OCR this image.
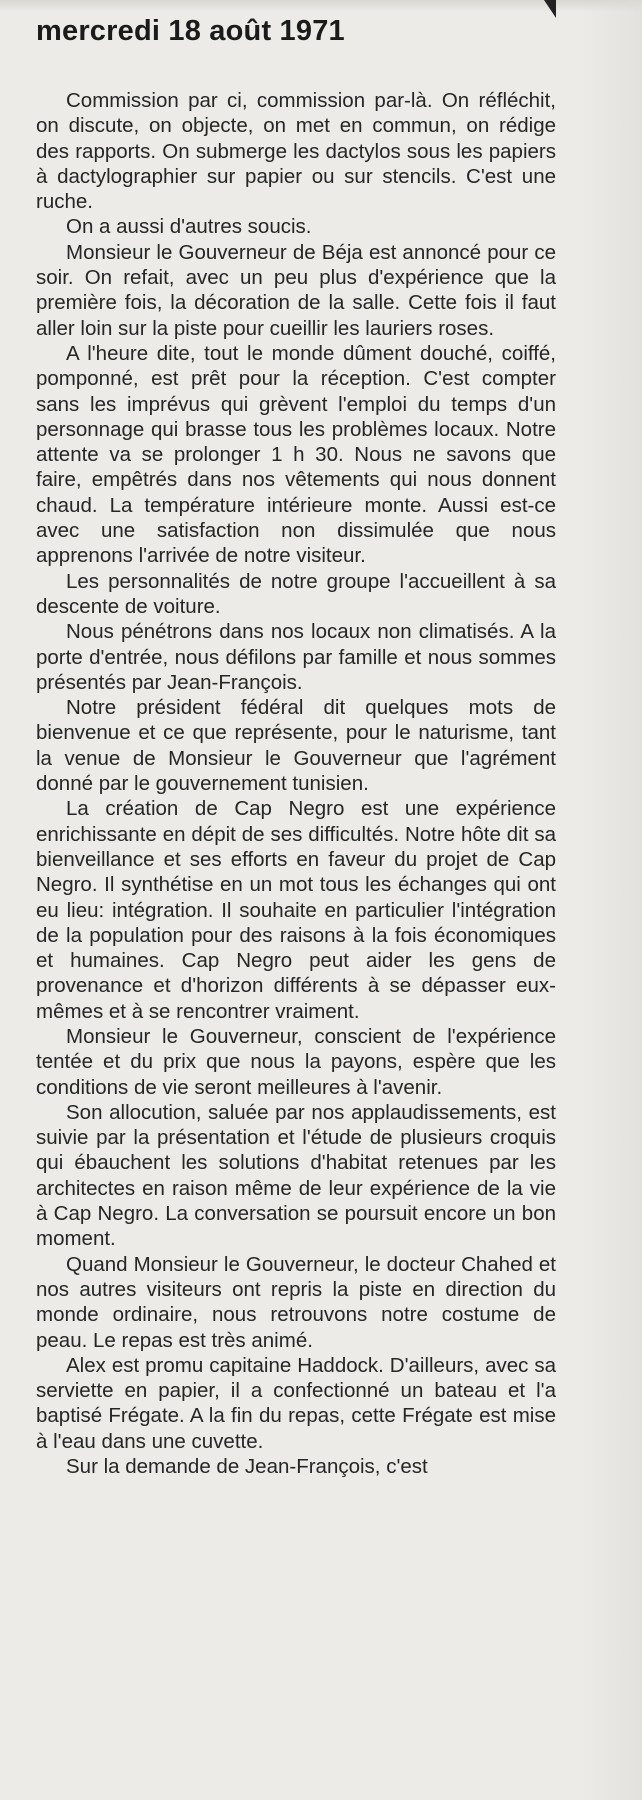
mercredi 18 août 1971

Commission par ci, commission par-là. On réfléchit, on discute, on objecte, on met en commun, on rédige des rapports. On submerge les dactylos sous les papiers à dactylographier sur papier ou sur stencils. C'est une ruche.

On a aussi d'autres soucis.

Monsieur le Gouverneur de Béja est annoncé pour ce soir. On refait, avec un peu plus d'expérience que la première fois, la décoration de la salle. Cette fois il faut aller loin sur la piste pour cueillir les lauriers roses.

A l'heure dite, tout le monde dûment douché, coiffé, pomponné, est prêt pour la réception. C'est compter sans les imprévus qui grèvent l'emploi du temps d'un personnage qui brasse tous les problèmes locaux. Notre attente va se prolonger 1 h 30. Nous ne savons que faire, empêtrés dans nos vêtements qui nous donnent chaud. La température intérieure monte. Aussi est-ce avec une satisfaction non dissimulée que nous apprenons l'arrivée de notre visiteur.

Les personnalités de notre groupe l'accueillent à sa descente de voiture.

Nous pénétrons dans nos locaux non climatisés. A la porte d'entrée, nous défilons par famille et nous sommes présentés par Jean-François.

Notre président fédéral dit quelques mots de bienvenue et ce que représente, pour le naturisme, tant la venue de Monsieur le Gouverneur que l'agrément donné par le gouvernement tunisien.

La création de Cap Negro est une expérience enrichissante en dépit de ses difficultés. Notre hôte dit sa bienveillance et ses efforts en faveur du projet de Cap Negro. Il synthétise en un mot tous les échanges qui ont eu lieu: intégration. Il souhaite en particulier l'intégration de la population pour des raisons à la fois économiques et humaines. Cap Negro peut aider les gens de provenance et d'horizon différents à se dépasser eux-mêmes et à se rencontrer vraiment.

Monsieur le Gouverneur, conscient de l'expérience tentée et du prix que nous la payons, espère que les conditions de vie seront meilleures à l'avenir.

Son allocution, saluée par nos applaudissements, est suivie par la présentation et l'étude de plusieurs croquis qui ébauchent les solutions d'habitat retenues par les architectes en raison même de leur expérience de la vie à Cap Negro. La conversation se poursuit encore un bon moment.

Quand Monsieur le Gouverneur, le docteur Chahed et nos autres visiteurs ont repris la piste en direction du monde ordinaire, nous retrouvons notre costume de peau. Le repas est très animé.

Alex est promu capitaine Haddock. D'ailleurs, avec sa serviette en papier, il a confectionné un bateau et l'a baptisé Frégate. A la fin du repas, cette Frégate est mise à l'eau dans une cuvette.

Sur la demande de Jean-François, c'est
